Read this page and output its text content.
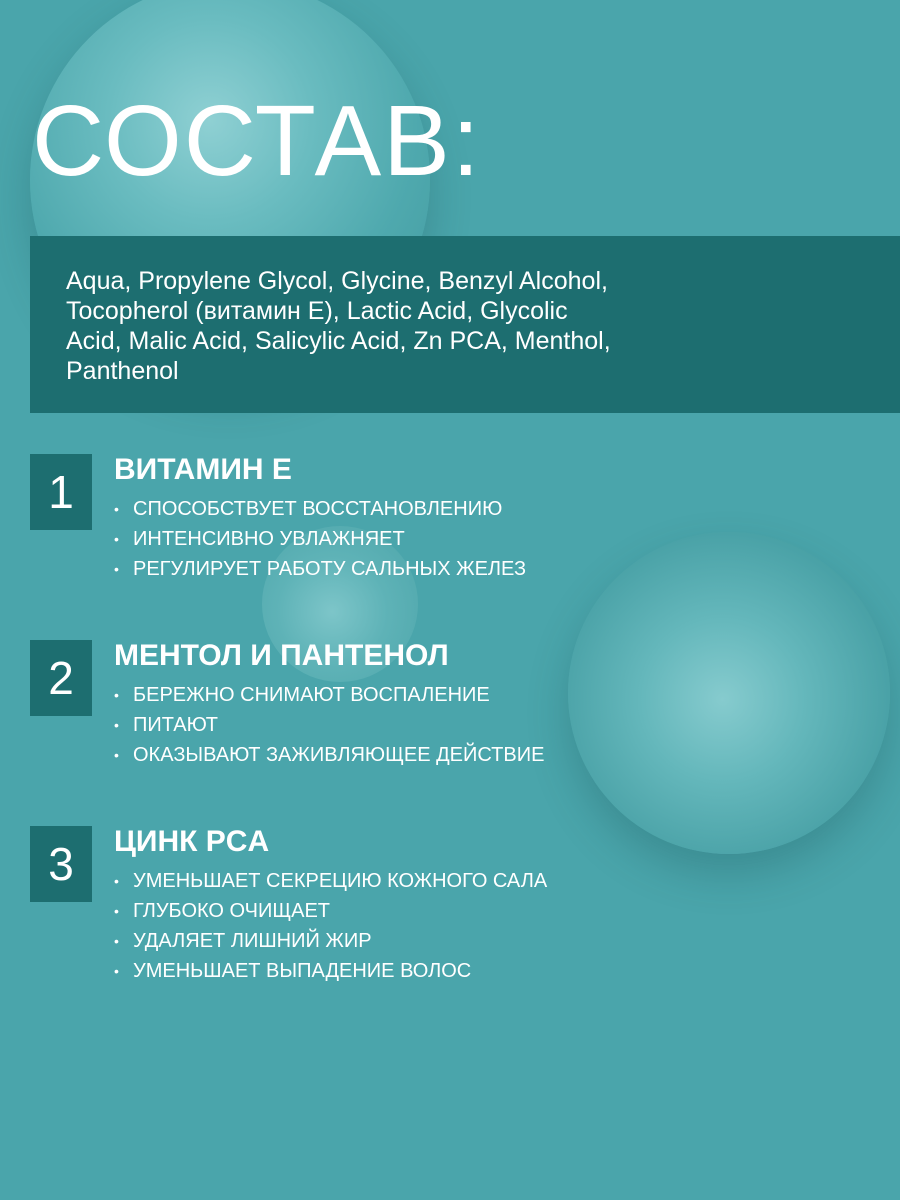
СОСТАВ:

Aqua, Propylene Glycol, Glycine, Benzyl Alcohol, Tocopherol (витамин Е), Lactic Acid, Glycolic Acid, Malic Acid, Salicylic Acid, Zn PCA, Menthol, Panthenol

1	ВИТАМИН Е
• СПОСОБСТВУЕТ ВОССТАНОВЛЕНИЮ
• ИНТЕНСИВНО УВЛАЖНЯЕТ
• РЕГУЛИРУЕТ РАБОТУ САЛЬНЫХ ЖЕЛЕЗ
2	МЕНТОЛ И ПАНТЕНОЛ
• БЕРЕЖНО СНИМАЮТ ВОСПАЛЕНИЕ
• ПИТАЮТ
• ОКАЗЫВАЮТ ЗАЖИВЛЯЮЩЕЕ ДЕЙСТВИЕ
3	ЦИНК PCA
• УМЕНЬШАЕТ СЕКРЕЦИЮ КОЖНОГО САЛА
• ГЛУБОКО ОЧИЩАЕТ
• УДАЛЯЕТ ЛИШНИЙ ЖИР
• УМЕНЬШАЕТ ВЫПАДЕНИЕ ВОЛОС
